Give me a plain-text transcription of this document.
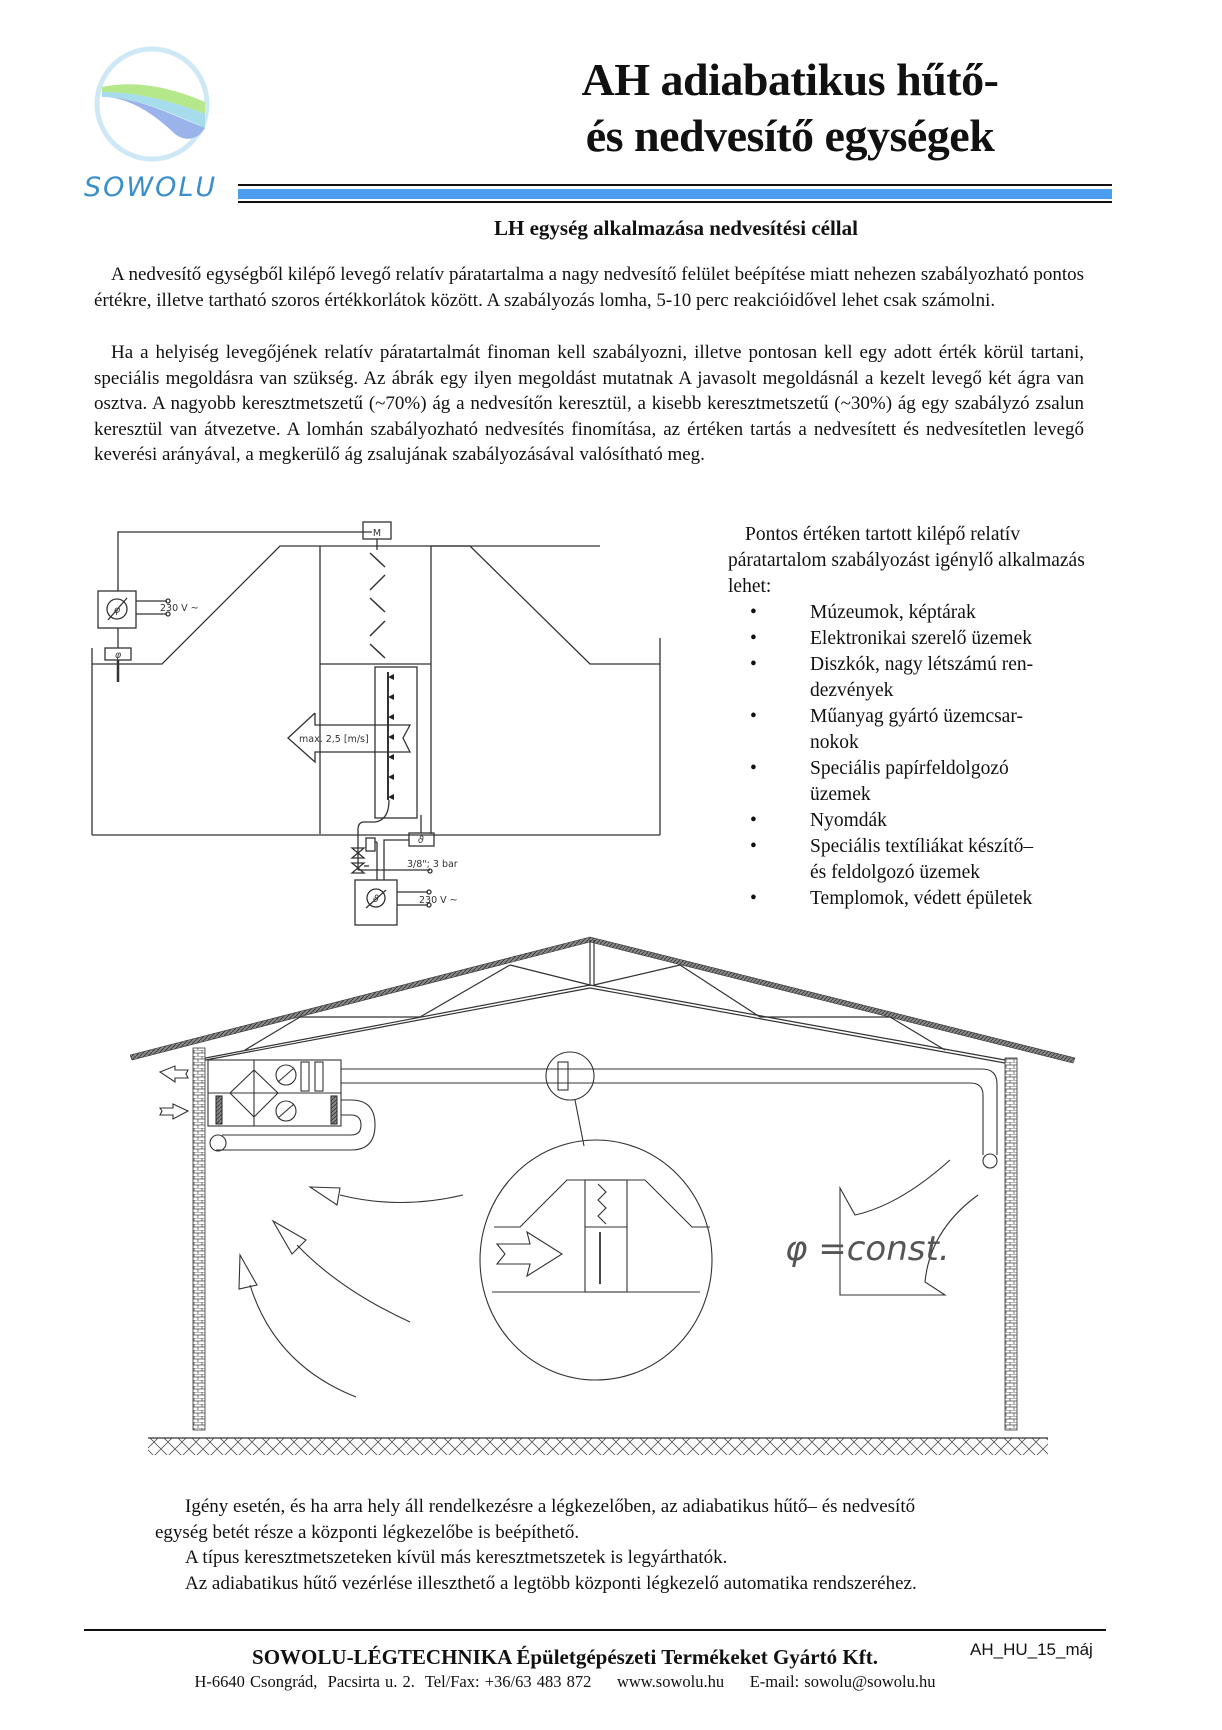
SOWOLU
AH adiabatikus hűtő-
és nedvesítő egységek
LH egység alkalmazása nedvesítési céllal

A nedvesítő egységből kilépő levegő relatív páratartalma a nagy nedvesítő felület beépítése miatt nehezen szabályozható pontos értékre, illetve tartható szoros értékkorlátok között. A szabályozás lomha, 5-10 perc reakcióidővel lehet csak számolni.

Ha a helyiség levegőjének relatív páratartalmát finoman kell szabályozni, illetve pontosan kell egy adott érték körül tartani, speciális megoldásra van szükség. Az ábrák egy ilyen megoldást mutatnak A javasolt megoldásnál a kezelt levegő két ágra van osztva. A nagyobb keresztmetszetű (~70%) ág a nedvesítőn keresztül, a kisebb keresztmetszetű (~30%) ág egy szabályzó zsalun keresztül van átvezetve. A lomhán szabályozható nedvesítés finomítása, az értéken tartás a nedvesített és nedvesítetlen levegő keverési arányával, a megkerülő ág zsalujának szabályozásával valósítható meg.

M
φ
φ	230 V ~
max. 2,5 [m/s]
ϑ
3/8"; 3 bar
ϑ	230 V ~

Pontos értéken tartott kilépő relatív páratartalom szabályozást igénylő alkalmazás lehet:

•	Múzeumok, képtárak
•	Elektronikai szerelő üzemek
•	Diszkók, nagy létszámú ren-
dezvények
•	Műanyag gyártó üzemcsar-
nokok
•	Speciális papírfeldolgozó
üzemek
•	Nyomdák
•	Speciális textíliákat készítő–
és feldolgozó üzemek
•	Templomok, védett épületek
φ =const.

Igény esetén, és ha arra hely áll rendelkezésre a légkezelőben, az adiabatikus hűtő– és nedvesítő

egység betét része a központi légkezelőbe is beépíthető.

A típus keresztmetszeteken kívül más keresztmetszetek is legyárthatók.

Az adiabatikus hűtő vezérlése illeszthető a legtöbb központi légkezelő automatika rendszeréhez.

SOWOLU-LÉGTECHNIKA Épületgépészeti Termékeket Gyártó Kft.	AH_HU_15_máj
H-6640 Csongrád,  Pacsirta u. 2.  Tel/Fax: +36/63 483 872     www.sowolu.hu     E-mail: sowolu@sowolu.hu
